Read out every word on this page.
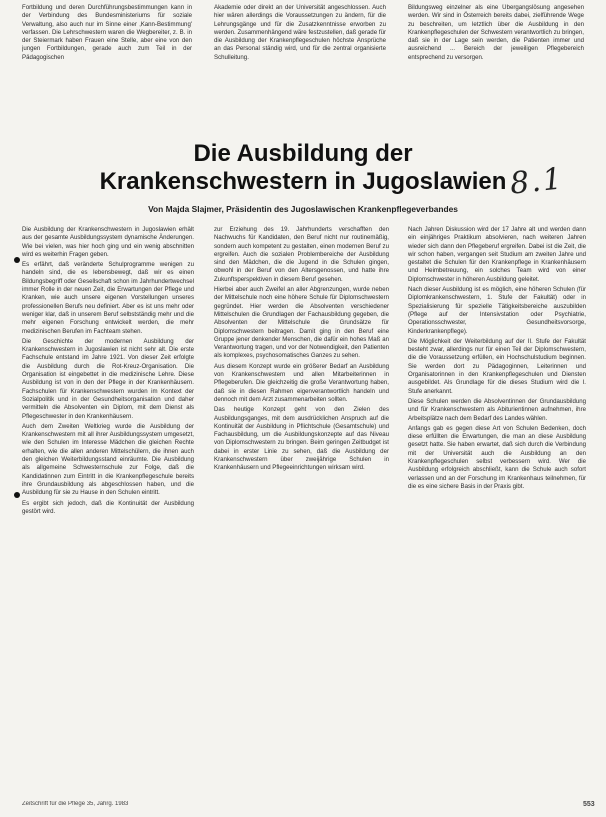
Fortbildung und deren Durchführungsbestimmungen kann in der Verbindung des Bundesministeriums für soziale Verwaltung, also auch nur im Sinne einer ‚Kann-Bestimmung' verfassen. Die Lehrschwestern waren die Wegbereiter, z. B. in der Steiermark haben Frauen eine Stelle, aber eine von den jungen Fortbildungen, gerade auch zum Teil in der Pädagogischen

Akademie oder direkt an der Universität angeschlossen. Auch hier wären allerdings die Voraussetzungen zu ändern, für die Lehrungsgänge und für die Zusatzkenntnisse erworben zu werden. Zusammenhängend wäre festzustellen, daß gerade für die Ausbildung der Krankenpflegeschulen höchste Ansprüche an das Personal ständig wird, und für die zentral organisierte Schulleitung.

Bildungsweg einzelner als eine Übergangslösung angesehen werden. Wir sind in Österreich bereits dabei, zielführende Wege zu beschreiten, um letztlich über die Ausbildung in den Krankenpflegeschulen der Schwestern verantwortlich zu bringen, daß sie in der Lage sein werden, die Patienten immer und ausreichend ... Bereich der jeweiligen Pflegebereich entsprechend zu versorgen.

Die Ausbildung der
Krankenschwestern in Jugoslawien 8.1
Von Majda Slajmer, Präsidentin des Jugoslawischen Krankenpflegeverbandes

Die Ausbildung der Krankenschwestern in Jugoslawien erhält aus der gesamte Ausbildungssystem dynamische Änderungen. Wie bei vielen, was hier hoch ging und ein wenig abschnitten wird es weiterhin Fragen geben.

Es erfährt, daß veränderte Schulprogramme wenigen zu handeln sind, die es lebensbewegt, daß wir es einen Bildungsbegriff oder Gesellschaft schon im Jahrhundertwechsel immer Rolle in der neuen Zeit, die Erwartungen der Pflege und Kranken, wie auch unsere eigenen Vorstellungen unseres professionellen Berufs neu definiert. Aber es ist uns mehr oder weniger klar, daß in unserem Beruf selbstständig mehr und die mehr eigenen Forschung entwickelt werden, die mehr medizinischen Berufen im Fachteam stehen.

Die Geschichte der modernen Ausbildung der Krankenschwestern in Jugoslawien ist nicht sehr alt. Die erste Fachschule entstand im Jahre 1921. Von dieser Zeit erfolgte die Ausbildung durch die Rot-Kreuz-Organisation. Die Organisation ist eingebettet in die medizinische Lehre. Diese Ausbildung ist von in den der Pflege in der Krankenhäusern. Fachschulen für Krankenschwestern wurden im Kontext der Sozialpolitik und in der Gesundheitsorganisation und daher vermitteln die Absolventen ein Diplom, mit dem Dienst als Pflegeschwester in den Krankenhäusern.

Auch dem Zweiten Weltkrieg wurde die Ausbildung der Krankenschwestern mit all ihrer Ausbildungssystem umgesetzt, wie den Schulen im Interesse Mädchen die gleichen Rechte erhalten, wie die allen anderen Mittelschülern, die ihnen auch den gleichen Weiterbildungsstand einräumte. Die Ausbildung als allgemeine Schwesternschule zur Folge, daß die Kandidatinnen zum Eintritt in die Krankenpflegeschule bereits ihre Grundausbildung als abgeschlossen haben, und die Ausbildung für sie zu Hause in den Schulen eintritt.

Es ergibt sich jedoch, daß die Kontinuität der Ausbildung gestört wird.

zur Erziehung des 19. Jahrhunderts verschafften den Nachwuchs für Kandidaten, den Beruf nicht nur routinemäßig, sondern auch kompetent zu gestalten, einen modernen Beruf zu ergreifen. Auch die sozialen Problembereiche der Ausbildung sind den Mädchen, die die Jugend in die Schulen gingen, obwohl in der Beruf von den Altersgenossen, und hatte ihre Zukunftsperspektiven in diesem Beruf gesehen.

Hierbei aber auch Zweifel an aller Abgrenzungen, wurde neben der Mittelschule noch eine höhere Schule für Diplomschwestern gegründet. Hier werden die Absolventen verschiedener Mittelschulen die Grundlagen der Fachausbildung gegeben, die Absolventen der Mittelschule die Grundsätze für Diplomschwestern beitragen. Damit ging in den Beruf eine Gruppe jener denkender Menschen, die dafür ein hohes Maß an Verantwortung tragen, und vor der Notwendigkeit, den Patienten als komplexes, psychosomatisches Ganzes zu sehen.

Aus diesem Konzept wurde ein größerer Bedarf an Ausbildung von Krankenschwestern und allen Mitarbeiterinnen in Pflegeberufen. Die gleichzeitig die große Verantwortung haben, daß sie in diesen Rahmen eigenverantwortlich handeln und dennoch mit dem Arzt zusammenarbeiten sollten.

Das heutige Konzept geht von den Zielen des Ausbildungsganges, mit dem ausdrücklichen Anspruch auf die Kontinuität der Ausbildung in Pflichtschule (Gesamtschule) und Fachausbildung, um die Ausbildungskonzepte auf das Niveau von Diplomschwestern zu bringen. Beim geringen Zeitbudget ist dabei in erster Linie zu sehen, daß die Ausbildung der Krankenschwestern über zweijährige Schulen in Krankenhäusern und Pflegeeinrichtungen wirksam wird.

Nach Jahren Diskussion wird der 17 Jahre alt und werden dann ein einjähriges Praktikum absolvieren, nach weiteren Jahren wieder sich dann den Pflegeberuf ergreifen. Dabei ist die Zeit, die wir schon haben, vergangen seit Studium am zweiten Jahre und gestaltet die Schulen für den Krankenpflege in Krankenhäusern und Heimbetreuung, ein solches Team wird von einer Diplomschwester in höheren Ausbildung geleitet.

Nach dieser Ausbildung ist es möglich, eine höheren Schulen (für Diplomkrankenschwestern, 1. Stufe der Fakultät) oder in Spezialisierung für spezielle Tätigkeitsbereiche auszubilden (Pflege auf der Intensivstation oder Psychiatrie, Operationsschwester, Gesundheitsvorsorge, Kinderkrankenpflege).

Die Möglichkeit der Weiterbildung auf der II. Stufe der Fakultät besteht zwar, allerdings nur für einen Teil der Diplomschwestern, die die Voraussetzung erfüllen, ein Hochschulstudium beginnen. Sie werden dort zu Pädagoginnen, Leiterinnen und Organisatorinnen in den Krankenpflegeschulen und Diensten ausgebildet. Als Grundlage für die dieses Studium wird die I. Stufe anerkannt.

Diese Schulen werden die Absolventinnen der Grundausbildung und für Krankenschwestern als Abiturientinnen aufnehmen, ihre Arbeitsplätze nach dem Bedarf des Landes wählen.

Anfangs gab es gegen diese Art von Schulen Bedenken, doch diese erfüllten die Erwartungen, die man an diese Ausbildung gesetzt hatte. Sie haben erwartet, daß sich durch die Verbindung mit der Universität auch die Ausbildung an den Krankenpflegeschulen selbst verbessern wird. Wer die Ausbildung erfolgreich abschließt, kann die Schule auch sofort verlassen und an der Forschung im Krankenhaus teilnehmen, für die es eine sichere Basis in der Praxis gibt.

Zeitschrift für die Pflege 35, Jahrg. 1983	553
